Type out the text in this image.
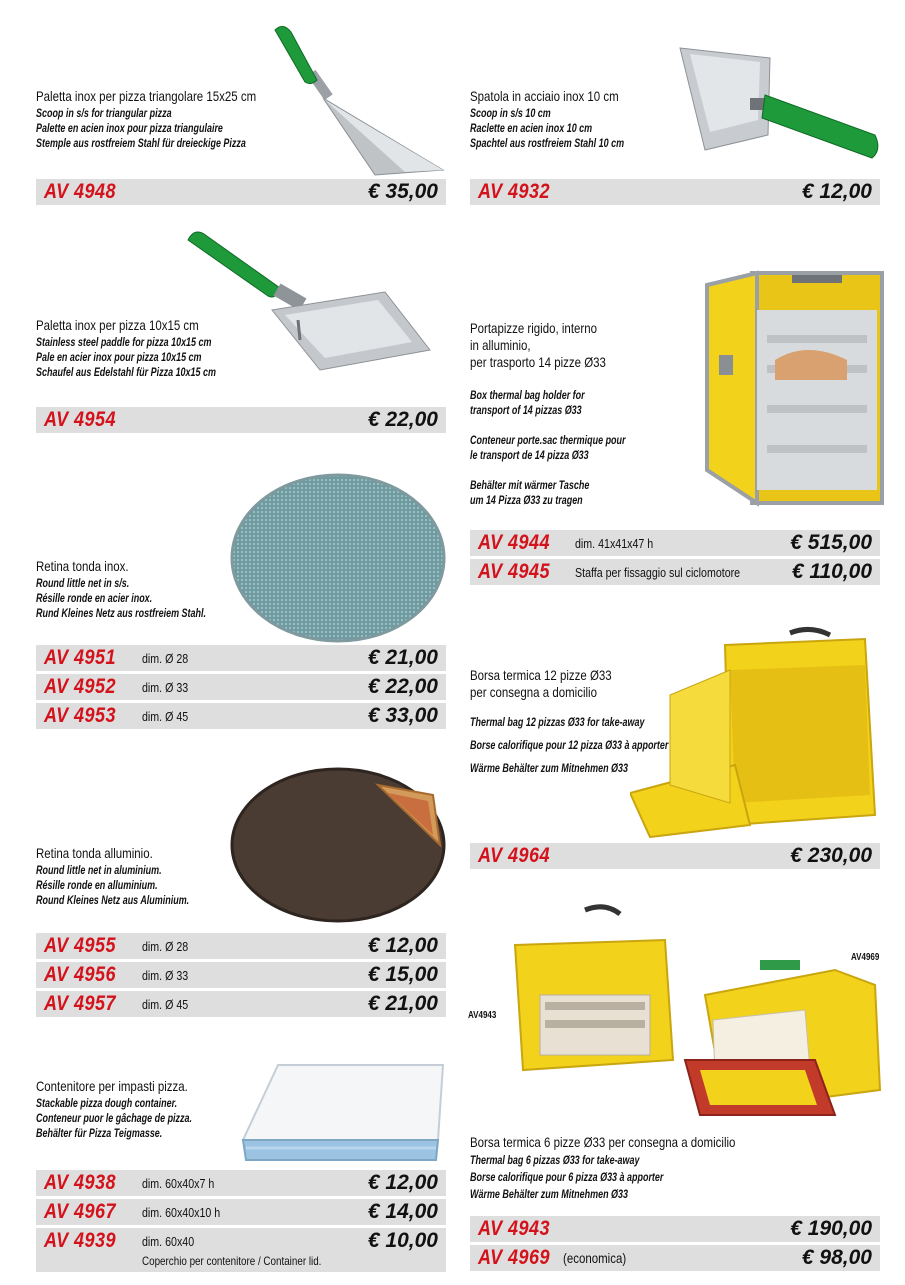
Paletta inox per pizza triangolare 15x25 cm
Scoop in s/s for triangular pizza
Palette en acien inox pour pizza triangulaire
Stemple aus rostfreiem Stahl für dreieckige Pizza
AV 4948	€ 35,00
Spatola in acciaio inox 10 cm
Scoop in s/s 10 cm
Raclette en acien inox 10 cm
Spachtel aus rostfreiem Stahl 10 cm
AV 4932	€ 12,00
Paletta inox per pizza 10x15 cm
Stainless steel paddle for pizza 10x15 cm
Pale en acier inox pour pizza 10x15 cm
Schaufel aus Edelstahl für Pizza 10x15 cm
AV 4954	€ 22,00
Portapizze rigido, interno
in alluminio,
per trasporto 14 pizze Ø33
Box thermal bag holder for
transport of 14 pizzas Ø33
Conteneur porte.sac thermique pour
le transport de 14 pizza Ø33
Behälter mit wärmer Tasche
um 14 Pizza Ø33 zu tragen
AV 4944 dim. 41x41x47 h	€ 515,00
AV 4945 Staffa per fissaggio sul ciclomotore € 110,00
Retina tonda inox.
Round little net in s/s.
Résille ronde en acier inox.
Rund Kleines Netz aus rostfreiem Stahl.
AV 4951 dim. Ø 28	€ 21,00
AV 4952 dim. Ø 33	€ 22,00
AV 4953 dim. Ø 45	€ 33,00
Borsa termica 12 pizze Ø33
per consegna a domicilio
Thermal bag 12 pizzas Ø33 for take-away
Borse calorifique pour 12 pizza Ø33 à apporter
Wärme Behälter zum Mitnehmen Ø33
AV 4964	€ 230,00
Retina tonda alluminio.
Round little net in aluminium.
Résille ronde en alluminium.
Round Kleines Netz aus Aluminium.
AV 4955 dim. Ø 28	€ 12,00
AV 4956 dim. Ø 33	€ 15,00
AV 4957 dim. Ø 45	€ 21,00
AV4943
AV4969
Borsa termica 6 pizze Ø33 per consegna a domicilio
Thermal bag 6 pizzas Ø33 for take-away
Borse calorifique pour 6 pizza Ø33 à apporter
Wärme Behälter zum Mitnehmen Ø33
AV 4943	€ 190,00
AV 4969 (economica)	€ 98,00
Contenitore per impasti pizza.
Stackable pizza dough container.
Conteneur puor le gâchage de pizza.
Behälter für Pizza Teigmasse.
AV 4938 dim. 60x40x7 h	€ 12,00
AV 4967 dim. 60x40x10 h	€ 14,00
AV 4939 dim. 60x40	€ 10,00
Coperchio per contenitore / Container lid.
